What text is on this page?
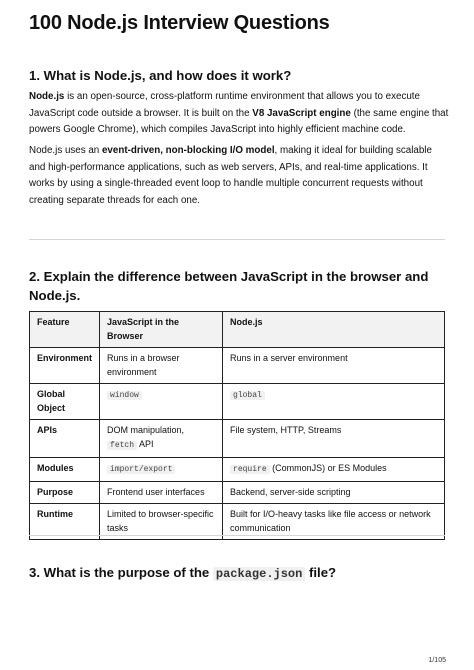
100 Node.js Interview Questions
1. What is Node.js, and how does it work?
Node.js is an open-source, cross-platform runtime environment that allows you to execute JavaScript code outside a browser. It is built on the V8 JavaScript engine (the same engine that powers Google Chrome), which compiles JavaScript into highly efficient machine code.
Node.js uses an event-driven, non-blocking I/O model, making it ideal for building scalable and high-performance applications, such as web servers, APIs, and real-time applications. It works by using a single-threaded event loop to handle multiple concurrent requests without creating separate threads for each one.
2. Explain the difference between JavaScript in the browser and Node.js.
Feature	JavaScript in the Browser	Node.js
Environment	Runs in a browser environment	Runs in a server environment
Global Object	window	global
APIs	DOM manipulation, fetch API	File system, HTTP, Streams
Modules	import/export	require (CommonJS) or ES Modules
Purpose	Frontend user interfaces	Backend, server-side scripting
Runtime	Limited to browser-specific tasks	Built for I/O-heavy tasks like file access or network communication
3. What is the purpose of the package.json file?
1/105
